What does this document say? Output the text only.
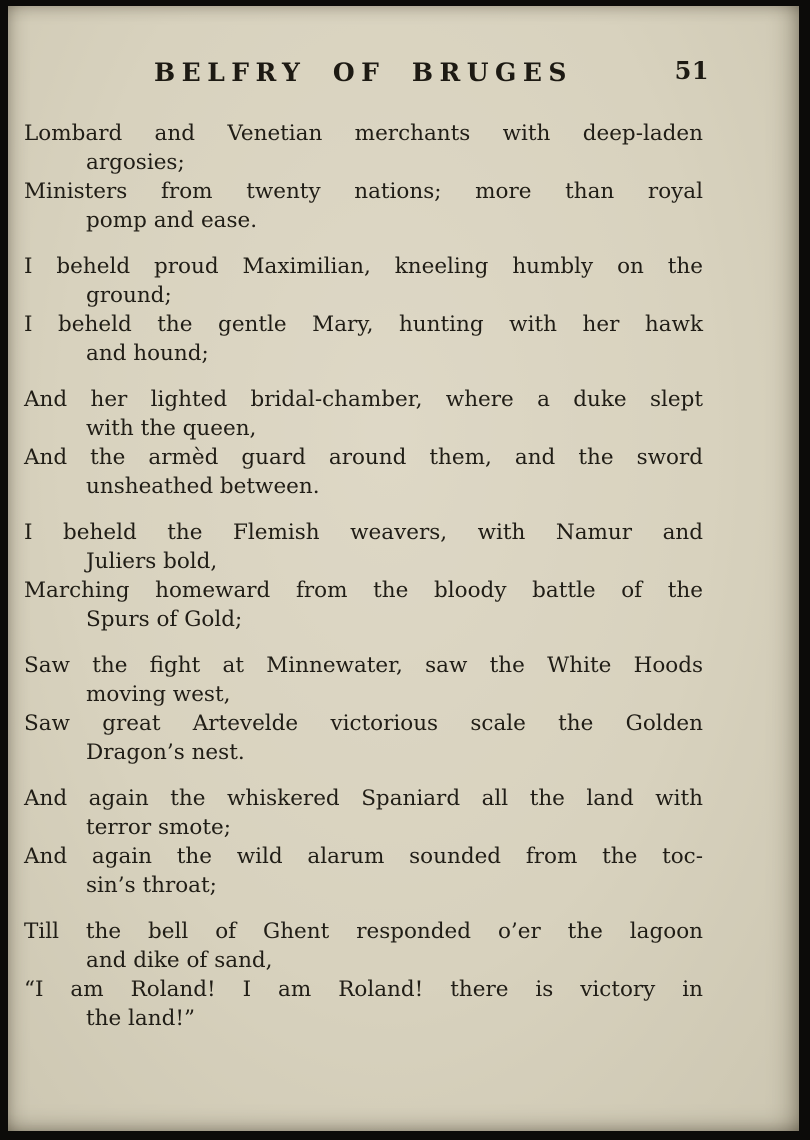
BELFRY OF BRUGES	51
Lombard and Venetian merchants with deep-laden
argosies;
Ministers from twenty nations; more than royal
pomp and ease.
I beheld proud Maximilian, kneeling humbly on the
ground;
I beheld the gentle Mary, hunting with her hawk
and hound;
And her lighted bridal-chamber, where a duke slept
with the queen,
And the armèd guard around them, and the sword
unsheathed between.
I beheld the Flemish weavers, with Namur and
Juliers bold,
Marching homeward from the bloody battle of the
Spurs of Gold;
Saw the fight at Minnewater, saw the White Hoods
moving west,
Saw great Artevelde victorious scale the Golden
Dragon’s nest.
And again the whiskered Spaniard all the land with
terror smote;
And again the wild alarum sounded from the toc-
sin’s throat;
Till the bell of Ghent responded o’er the lagoon
and dike of sand,
“I am Roland! I am Roland! there is victory in
the land!”
